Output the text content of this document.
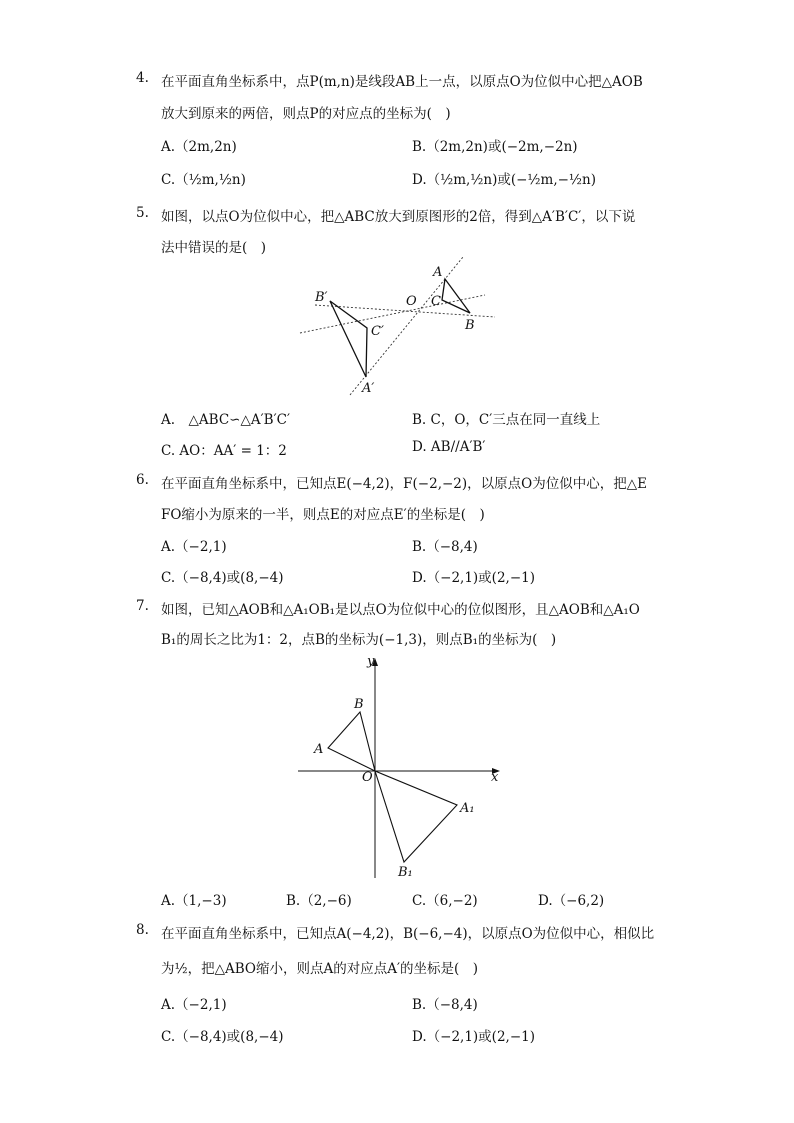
4. 在平面直角坐标系中，点P(m,n)是线段AB上一点，以原点O为位似中心把△AOB
放大到原来的两倍，则点P的对应点的坐标为(　)
A.（2m,2n)	B.（2m,2n)或(−2m,−2n)
C.（½m,½n)	D.（½m,½n)或(−½m,−½n)
5. 如图，以点O为位似中心，把△ABC放大到原图形的2倍，得到△A′B′C′，以下说
法中错误的是(　)
A
C
B
O
B′
C′
A′
A.　△ABC∽△A′B′C′	B. C，O，C′三点在同一直线上
C. AO：AA′ = 1：2	D. AB//A′B′
6. 在平面直角坐标系中，已知点E(−4,2)，F(−2,−2)，以原点O为位似中心，把△E
FO缩小为原来的一半，则点E的对应点E′的坐标是(　)
A.（−2,1)	B.（−8,4)
C.（−8,4)或(8,−4)	D.（−2,1)或(2,−1)
7. 如图，已知△AOB和△A₁OB₁是以点O为位似中心的位似图形，且△AOB和△A₁O
B₁的周长之比为1：2，点B的坐标为(−1,3)，则点B₁的坐标为(　)
y
x
O
A
B
A₁
B₁
A.（1,−3)	B.（2,−6)	C.（6,−2)	D.（−6,2)
8. 在平面直角坐标系中，已知点A(−4,2)，B(−6,−4)，以原点O为位似中心，相似比
为½，把△ABO缩小，则点A的对应点A′的坐标是(　)
A.（−2,1)	B.（−8,4)
C.（−8,4)或(8,−4)	D.（−2,1)或(2,−1)
